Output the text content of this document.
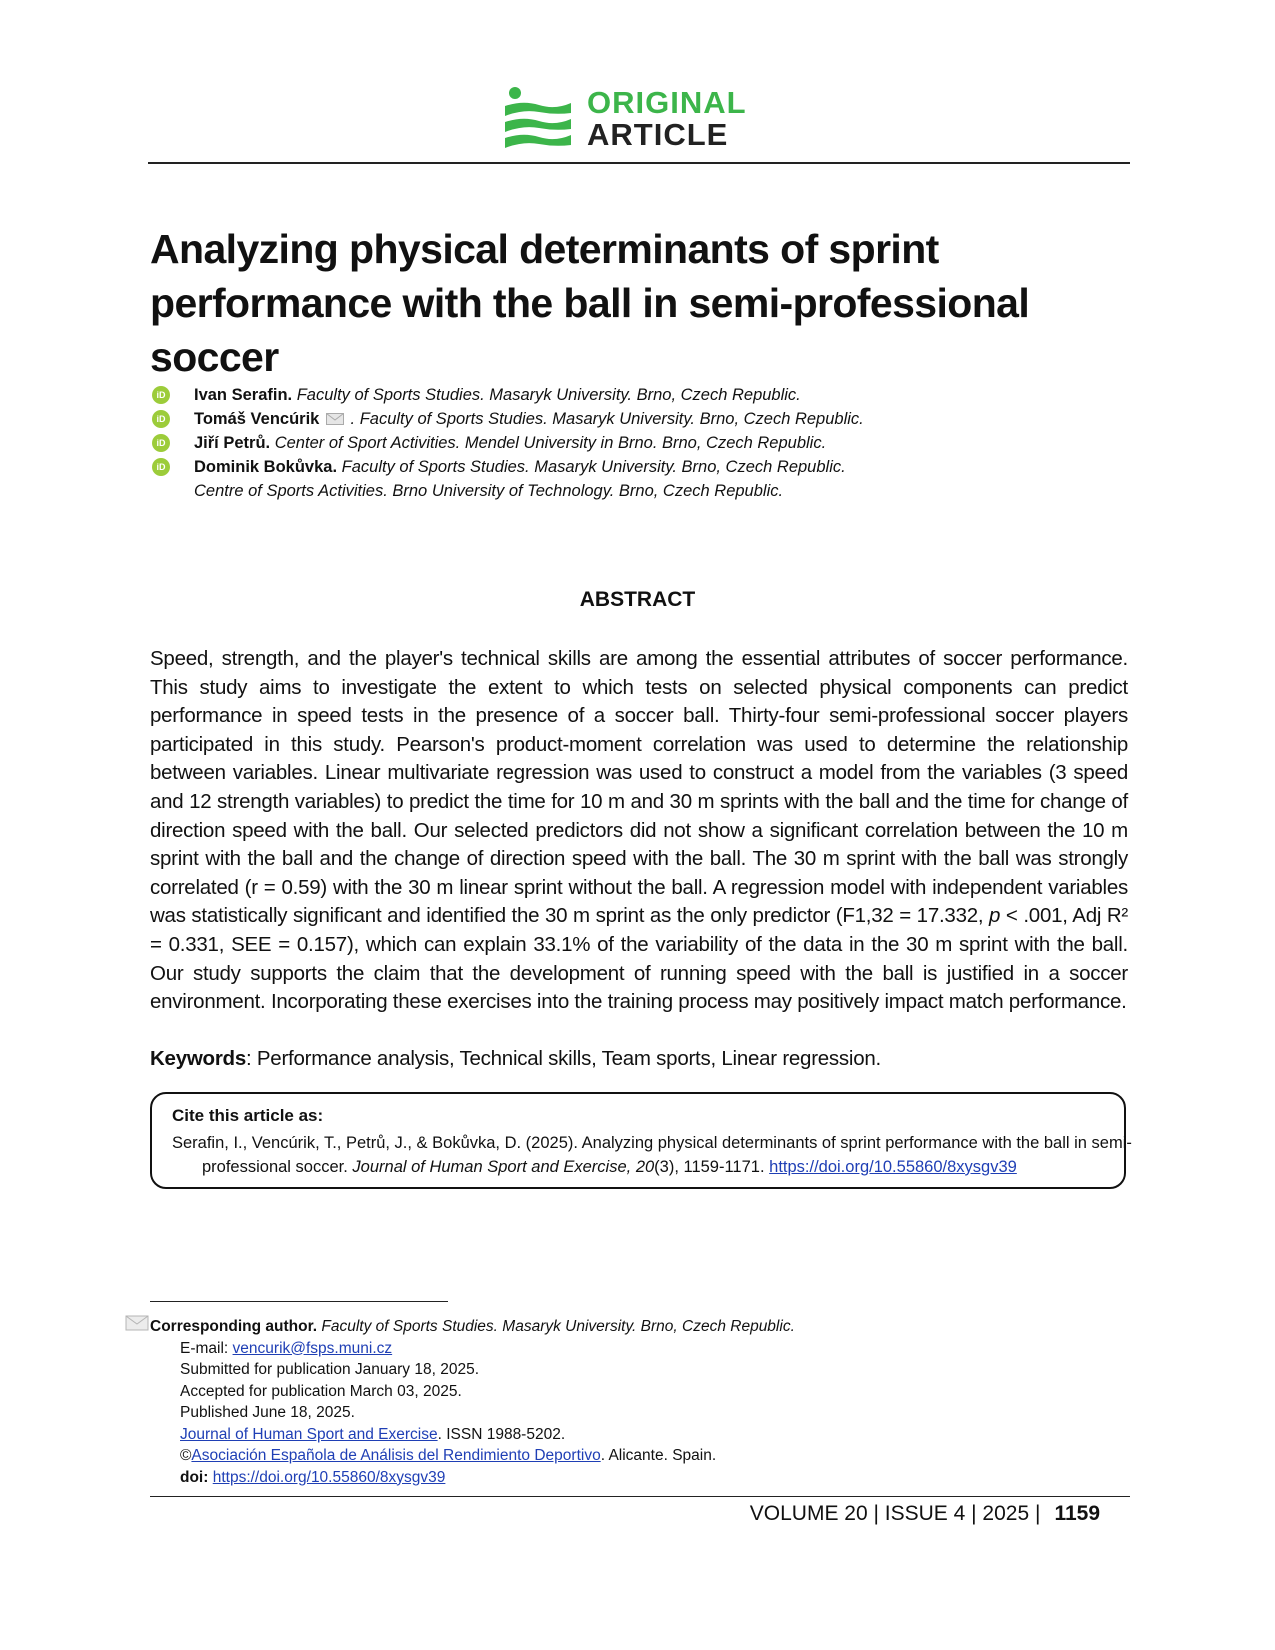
ORIGINAL
ARTICLE
Analyzing physical determinants of sprint performance with the ball in semi-professional soccer
iD Ivan Serafin. Faculty of Sports Studies. Masaryk University. Brno, Czech Republic.
iD Tomáš Vencúrik . Faculty of Sports Studies. Masaryk University. Brno, Czech Republic.
iD Jiří Petrů. Center of Sport Activities. Mendel University in Brno. Brno, Czech Republic.
iD Dominik Bokůvka. Faculty of Sports Studies. Masaryk University. Brno, Czech Republic.
Centre of Sports Activities. Brno University of Technology. Brno, Czech Republic.
ABSTRACT
Speed, strength, and the player's technical skills are among the essential attributes of soccer performance. This study aims to investigate the extent to which tests on selected physical components can predict performance in speed tests in the presence of a soccer ball. Thirty-four semi-professional soccer players participated in this study. Pearson's product-moment correlation was used to determine the relationship between variables. Linear multivariate regression was used to construct a model from the variables (3 speed and 12 strength variables) to predict the time for 10 m and 30 m sprints with the ball and the time for change of direction speed with the ball. Our selected predictors did not show a significant correlation between the 10 m sprint with the ball and the change of direction speed with the ball. The 30 m sprint with the ball was strongly correlated (r = 0.59) with the 30 m linear sprint without the ball. A regression model with independent variables was statistically significant and identified the 30 m sprint as the only predictor (F1,32 = 17.332, p < .001, Adj R² = 0.331, SEE = 0.157), which can explain 33.1% of the variability of the data in the 30 m sprint with the ball. Our study supports the claim that the development of running speed with the ball is justified in a soccer environment. Incorporating these exercises into the training process may positively impact match performance.
Keywords: Performance analysis, Technical skills, Team sports, Linear regression.
Cite this article as:
Serafin, I., Vencúrik, T., Petrů, J., & Bokůvka, D. (2025). Analyzing physical determinants of sprint performance with the ball in semi-professional soccer. Journal of Human Sport and Exercise, 20(3), 1159-1171. https://doi.org/10.55860/8xysgv39
Corresponding author. Faculty of Sports Studies. Masaryk University. Brno, Czech Republic.
E-mail: vencurik@fsps.muni.cz
Submitted for publication January 18, 2025.
Accepted for publication March 03, 2025.
Published June 18, 2025.
Journal of Human Sport and Exercise. ISSN 1988-5202.
©Asociación Española de Análisis del Rendimiento Deportivo. Alicante. Spain.
doi: https://doi.org/10.55860/8xysgv39
VOLUME 20 | ISSUE 4 | 2025 | 1159
